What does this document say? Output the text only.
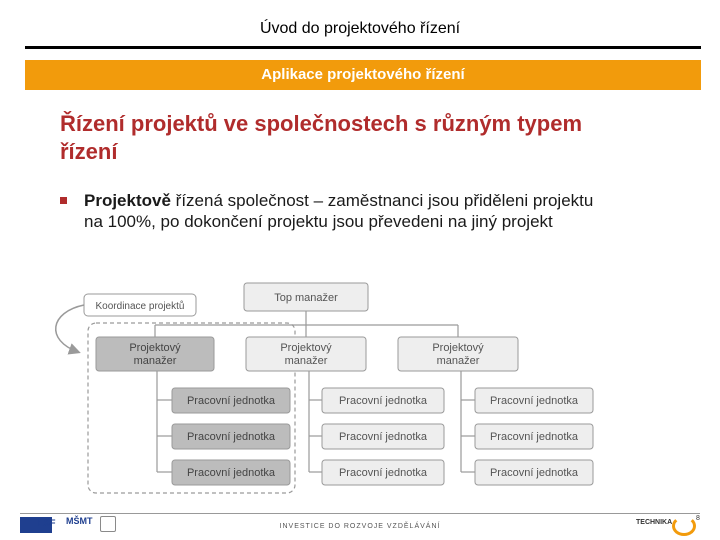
Úvod do projektového řízení
Aplikace projektového řízení
Řízení projektů ve společnostech s různým typem řízení
Projektově řízená společnost – zaměstnanci jsou přiděleni projektu na 100%, po dokončení projektu jsou převedeni na jiný projekt
Koordinace projektů
Top manažer
Projektový
manažer
Projektový
manažer
Projektový
manažer
Pracovní jednotka
Pracovní jednotka
Pracovní jednotka
Pracovní jednotka
Pracovní jednotka
Pracovní jednotka
Pracovní jednotka
Pracovní jednotka
Pracovní jednotka
ESF MŠMT
INVESTICE DO ROZVOJE VZDĚLÁVÁNÍ
TECHNIKA
8
